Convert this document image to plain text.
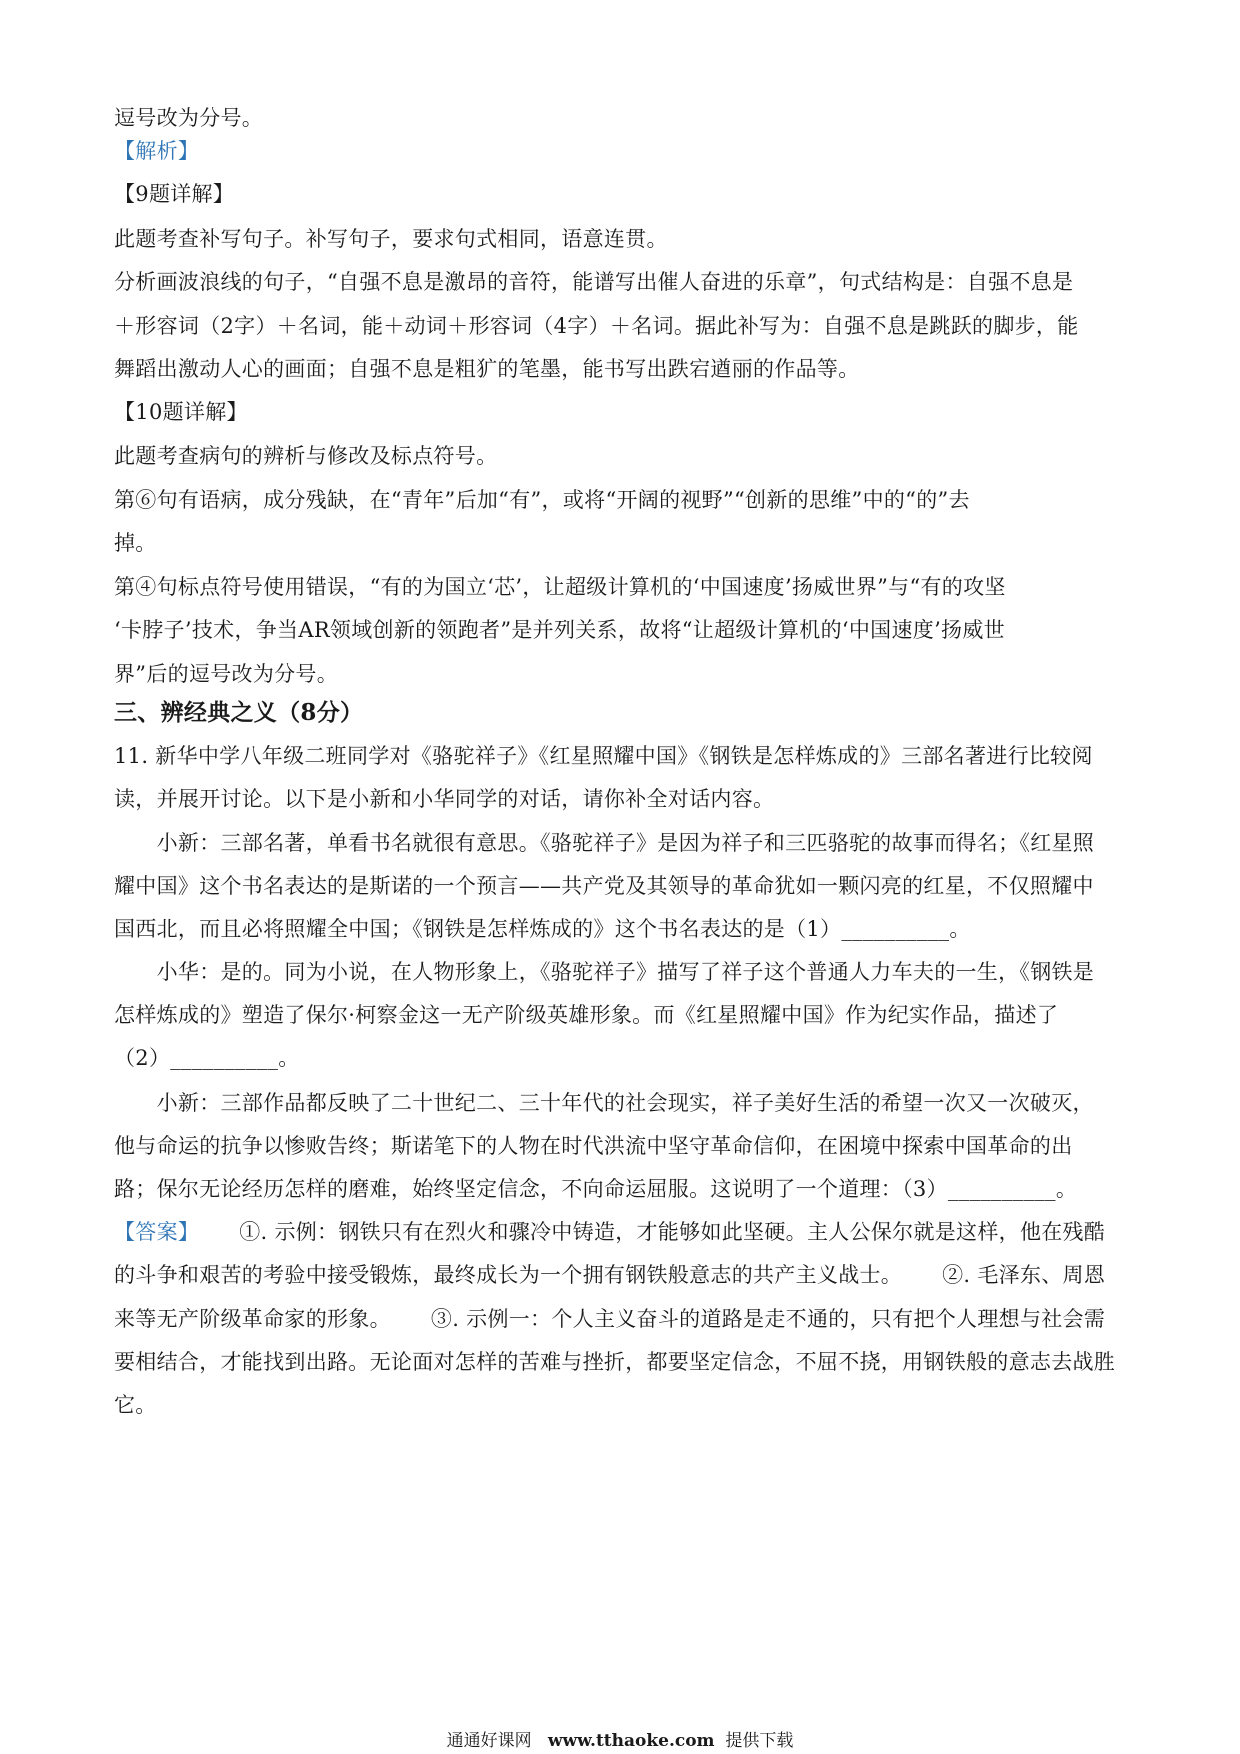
逗号改为分号。
【解析】
【9题详解】
此题考查补写句子。补写句子，要求句式相同，语意连贯。
分析画波浪线的句子，“自强不息是激昂的音符，能谱写出催人奋进的乐章”，句式结构是：自强不息是
＋形容词（2字）＋名词，能＋动词＋形容词（4字）＋名词。据此补写为：自强不息是跳跃的脚步，能
舞蹈出激动人心的画面；自强不息是粗犷的笔墨，能书写出跌宕遒丽的作品等。
【10题详解】
此题考查病句的辨析与修改及标点符号。
第⑥句有语病，成分残缺，在“青年”后加“有”，或将“开阔的视野”“创新的思维”中的“的”去
掉。
第④句标点符号使用错误，“有的为国立‘芯’，让超级计算机的‘中国速度’扬威世界”与“有的攻坚
‘卡脖子’技术，争当AR领域创新的领跑者”是并列关系，故将“让超级计算机的‘中国速度’扬威世
界”后的逗号改为分号。
三、辨经典之义（8分）
11. 新华中学八年级二班同学对《骆驼祥子》《红星照耀中国》《钢铁是怎样炼成的》三部名著进行比较阅
读，并展开讨论。以下是小新和小华同学的对话，请你补全对话内容。
　　小新：三部名著，单看书名就很有意思。《骆驼祥子》是因为祥子和三匹骆驼的故事而得名；《红星照
耀中国》这个书名表达的是斯诺的一个预言——共产党及其领导的革命犹如一颗闪亮的红星，不仅照耀中
国西北，而且必将照耀全中国；《钢铁是怎样炼成的》这个书名表达的是（1）__________。
　　小华：是的。同为小说，在人物形象上，《骆驼祥子》描写了祥子这个普通人力车夫的一生，《钢铁是
怎样炼成的》塑造了保尔·柯察金这一无产阶级英雄形象。而《红星照耀中国》作为纪实作品，描述了
（2）__________。
　　小新：三部作品都反映了二十世纪二、三十年代的社会现实，祥子美好生活的希望一次又一次破灭，
他与命运的抗争以惨败告终；斯诺笔下的人物在时代洪流中坚守革命信仰，在困境中探索中国革命的出
路；保尔无论经历怎样的磨难，始终坚定信念，不向命运屈服。这说明了一个道理：（3）__________。
【答案】 ①. 示例：钢铁只有在烈火和骤冷中铸造，才能够如此坚硬。主人公保尔就是这样，他在残酷
的斗争和艰苦的考验中接受锻炼，最终成长为一个拥有钢铁般意志的共产主义战士。 ②. 毛泽东、周恩
来等无产阶级革命家的形象。 ③. 示例一：个人主义奋斗的道路是走不通的，只有把个人理想与社会需
要相结合，才能找到出路。无论面对怎样的苦难与挫折，都要坚定信念，不屈不挠，用钢铁般的意志去战胜
它。
通通好课网 www.tthaoke.com 提供下载
